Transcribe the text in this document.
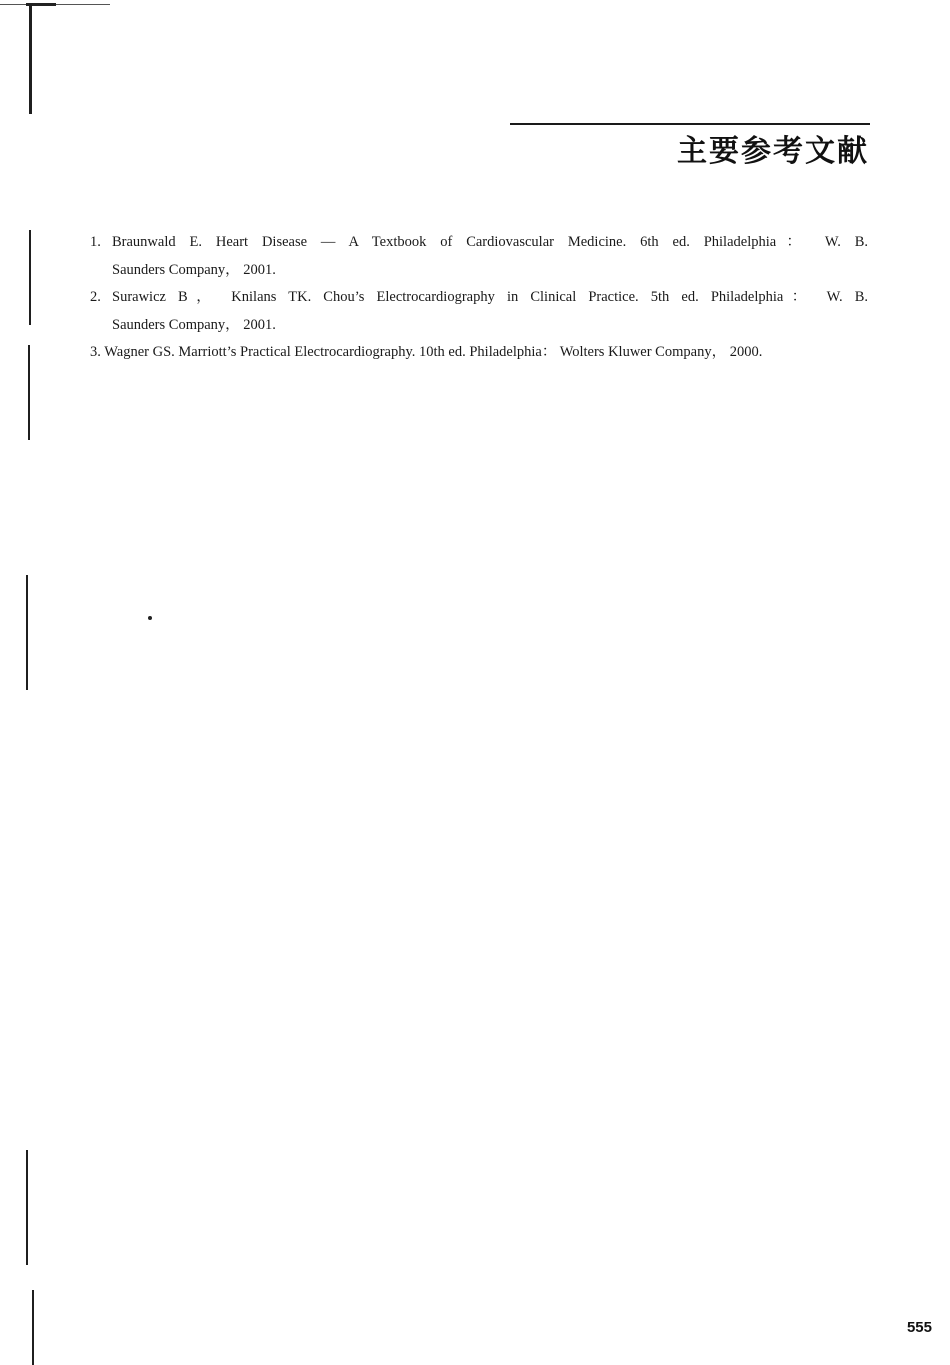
主要参考文献
1. Braunwald E. Heart Disease — A Textbook of Cardiovascular Medicine. 6th ed. Philadelphia： W. B.
Saunders Company， 2001.
2. Surawicz B， Knilans TK. Chou’s Electrocardiography in Clinical Practice. 5th ed. Philadelphia： W. B.
Saunders Company， 2001.
3. Wagner GS. Marriott’s Practical Electrocardiography. 10th ed. Philadelphia： Wolters Kluwer Company， 2000.
555
